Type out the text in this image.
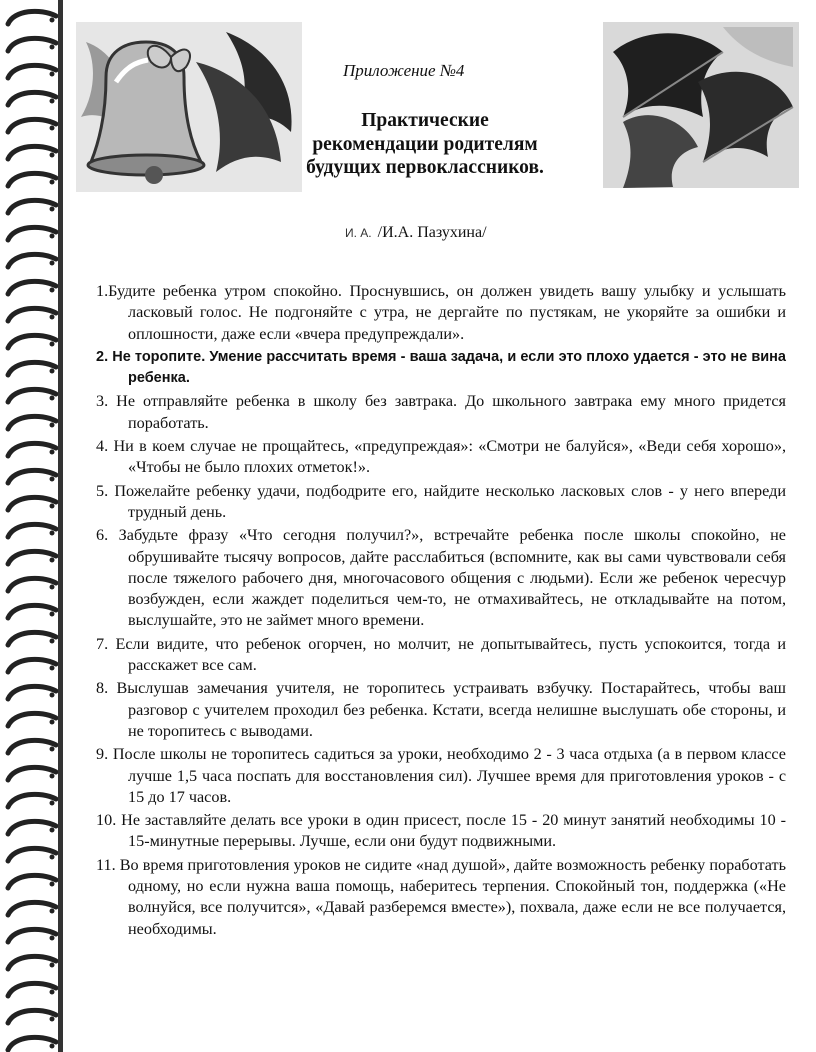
Приложение №4
Практические рекомендации родителям будущих первоклассников.
И. А. /И.А. Пазухина/
1.Будите ребенка утром спокойно. Проснувшись, он должен увидеть вашу улыбку и услышать ласковый голос. Не подгоняйте с утра, не дергайте по пустякам, не укоряйте за ошибки и оплошности, даже если «вчера предупреждали».
2. Не торопите. Умение рассчитать время - ваша задача, и если это плохо удается - это не вина ребенка.
3. Не отправляйте ребенка в школу без завтрака. До школьного завтрака ему много придется поработать.
4. Ни в коем случае не прощайтесь, «предупреждая»: «Смотри не балуйся», «Веди себя хорошо», «Чтобы не было плохих отметок!».
5. Пожелайте ребенку удачи, подбодрите его, найдите несколько ласковых слов - у него впереди трудный день.
6. Забудьте фразу «Что сегодня получил?», встречайте ребенка после школы спокойно, не обрушивайте тысячу вопросов, дайте расслабиться (вспомните, как вы сами чувствовали себя после тяжелого рабочего дня, многочасового общения с людьми). Если же ребенок чересчур возбужден, если жаждет поделиться чем-то, не отмахивайтесь, не откладывайте на потом, выслушайте, это не займет много времени.
7. Если видите, что ребенок огорчен, но молчит, не допытывайтесь, пусть успокоится, тогда и расскажет все сам.
8. Выслушав замечания учителя, не торопитесь устраивать взбучку. Постарайтесь, чтобы ваш разговор с учителем проходил без ребенка. Кстати, всегда нелишне выслушать обе стороны, и не торопитесь с выводами.
9. После школы не торопитесь садиться за уроки, необходимо 2 - 3 часа отдыха (а в первом классе лучше 1,5 часа поспать для восстановления сил). Лучшее время для приготовления уроков - с 15 до 17 часов.
10. Не заставляйте делать все уроки в один присест, после 15 - 20 минут занятий необходимы 10 - 15-минутные перерывы. Лучше, если они будут подвижными.
11. Во время приготовления уроков не сидите «над душой», дайте возможность ребенку поработать одному, но если нужна ваша помощь, наберитесь терпения. Спокойный тон, поддержка («Не волнуйся, все получится», «Давай разберемся вместе»), похвала, даже если не все получается, необходимы.
